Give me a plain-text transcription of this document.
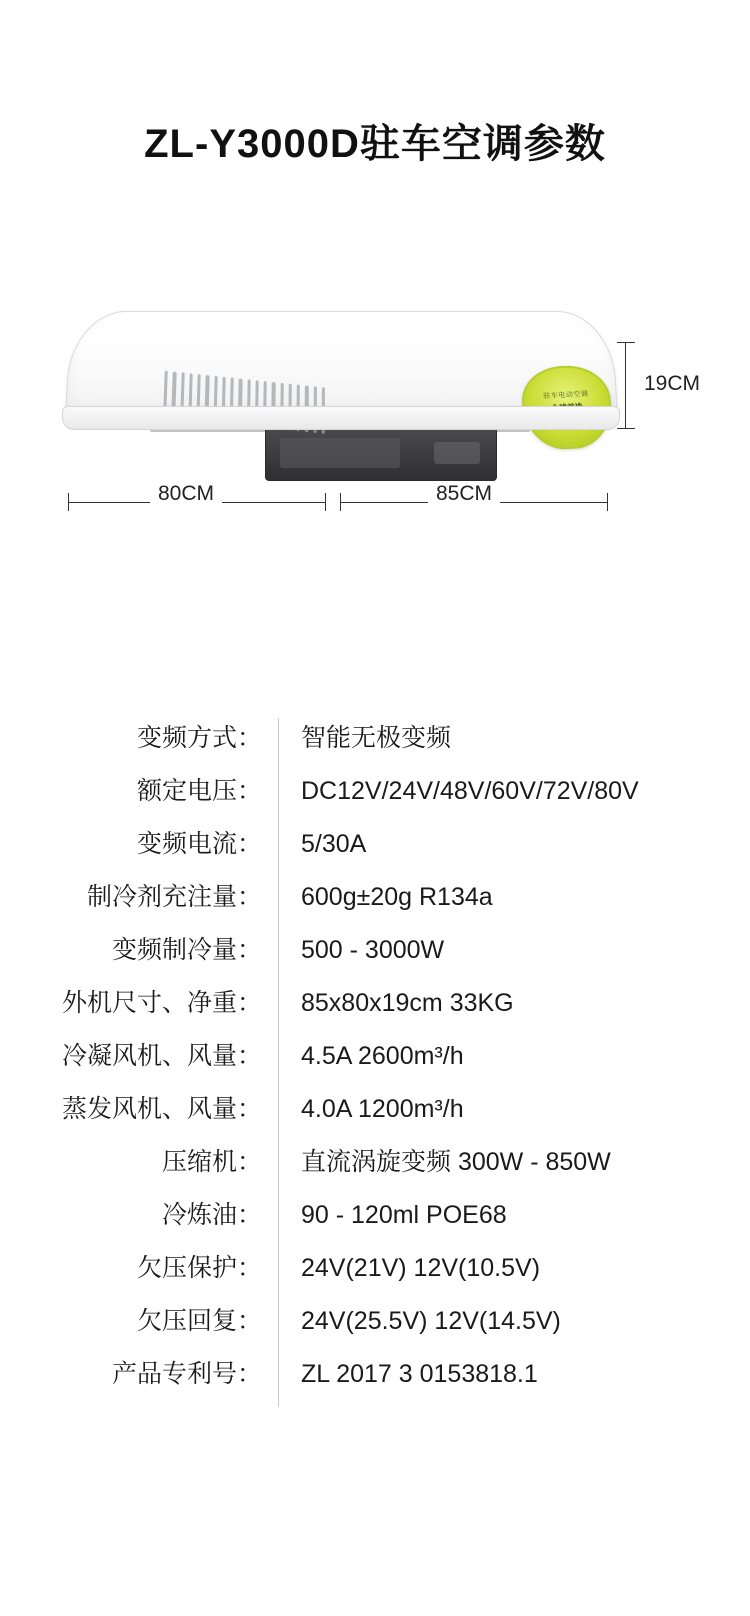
ZL-Y3000D驻车空调参数
驻车电动空调
19CM
80CM	85CM
变频方式：	智能无极变频
额定电压：	DC12V/24V/48V/60V/72V/80V
变频电流：	5/30A
制冷剂充注量：	600g±20g R134a
变频制冷量：	500 - 3000W
外机尺寸、净重：	85x80x19cm 33KG
冷凝风机、风量：	4.5A 2600m³/h
蒸发风机、风量：	4.0A 1200m³/h
压缩机：	直流涡旋变频 300W - 850W
冷炼油：	90 - 120ml POE68
欠压保护：	24V(21V) 12V(10.5V)
欠压回复：	24V(25.5V) 12V(14.5V)
产品专利号：	ZL 2017 3 0153818.1
